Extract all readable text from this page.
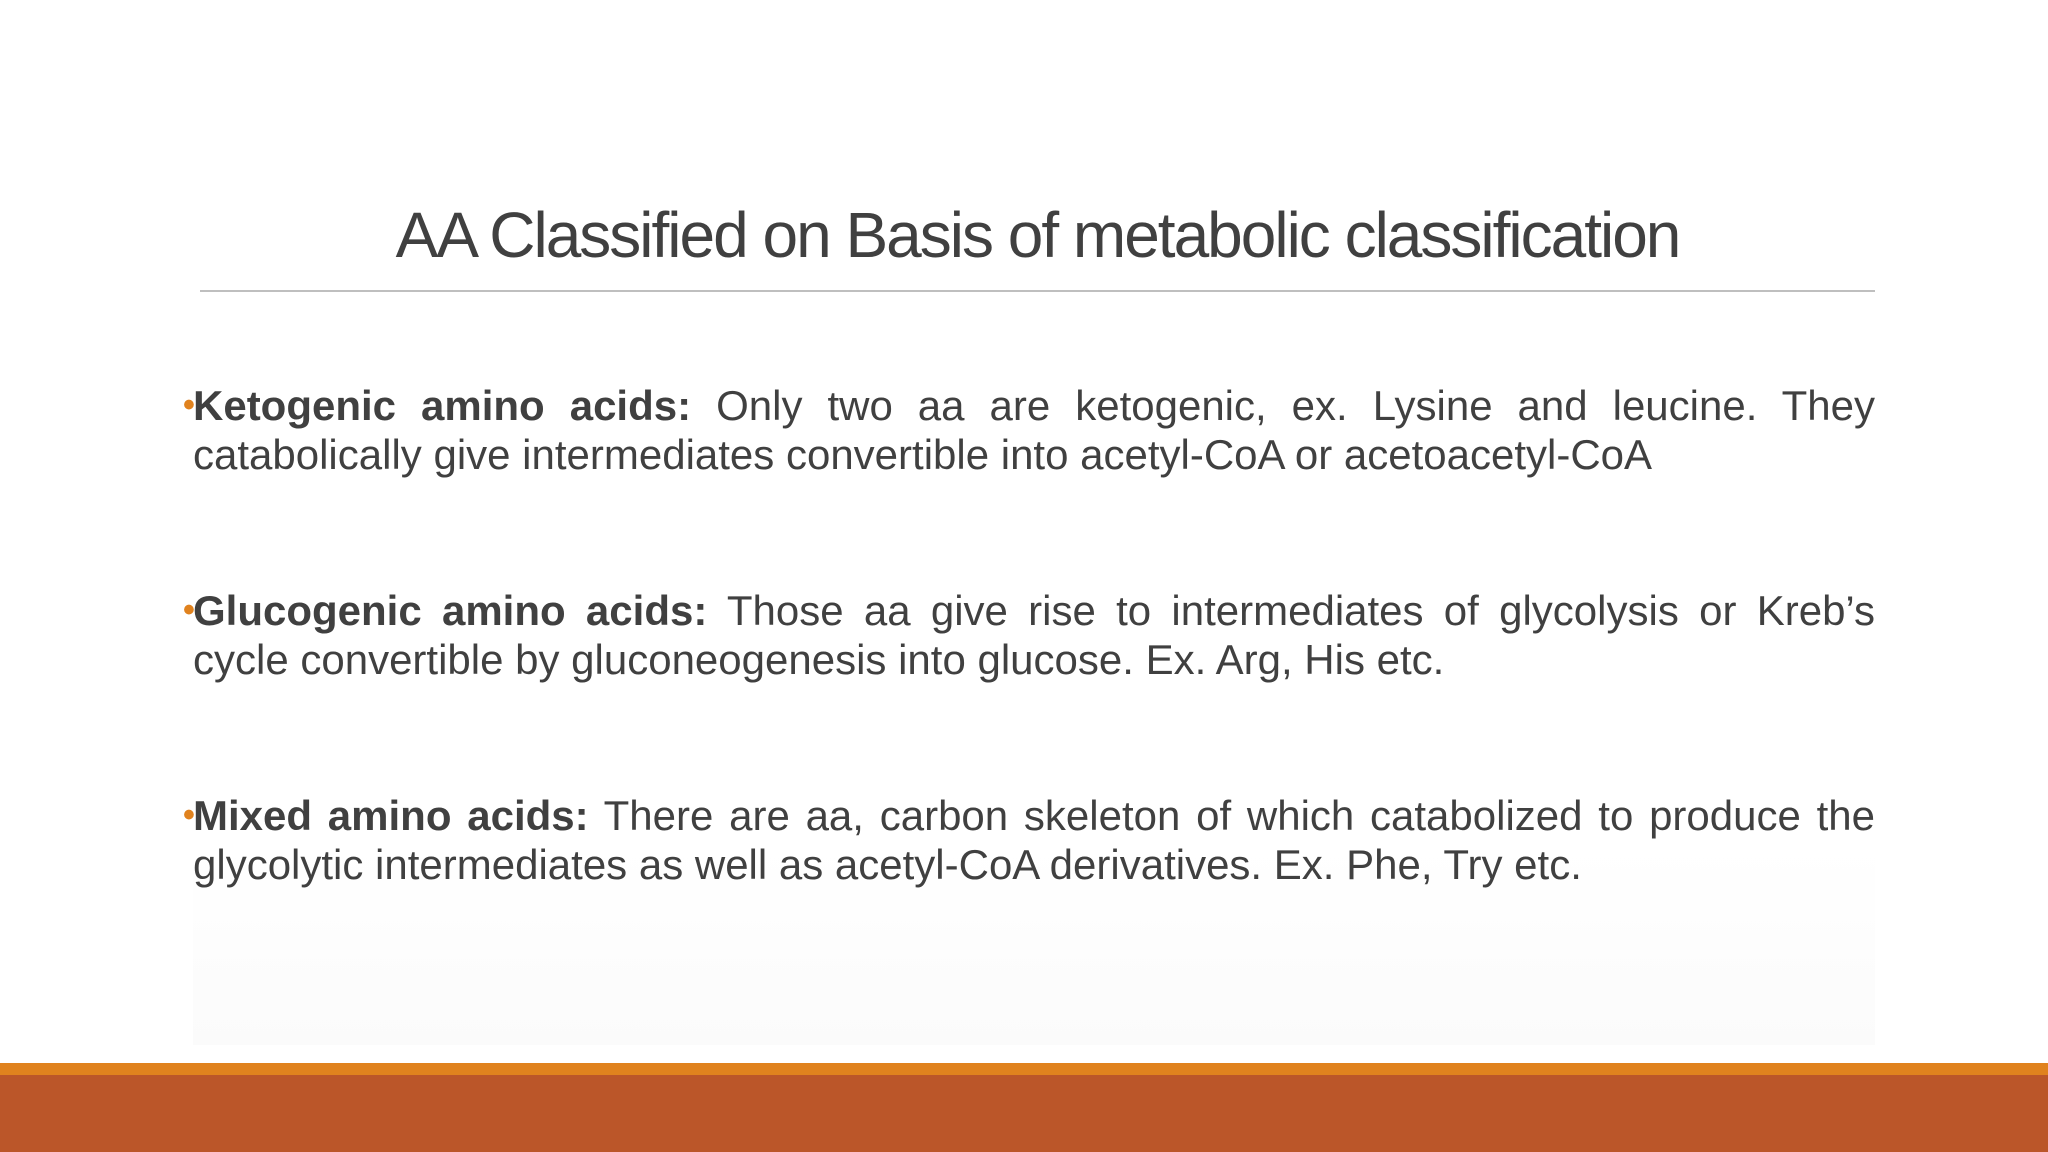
AA Classified on Basis of metabolic classification

•
Ketogenic amino acids: Only two aa are ketogenic, ex. Lysine and leucine. They catabolically give intermediates convertible into acetyl-CoA or acetoacetyl-CoA

•
Glucogenic amino acids: Those aa give rise to intermediates of glycolysis or Kreb’s cycle convertible by gluconeogenesis into glucose. Ex. Arg, His etc.

•
Mixed amino acids: There are aa, carbon skeleton of which catabolized to produce the glycolytic intermediates as well as acetyl-CoA derivatives. Ex. Phe, Try etc.
